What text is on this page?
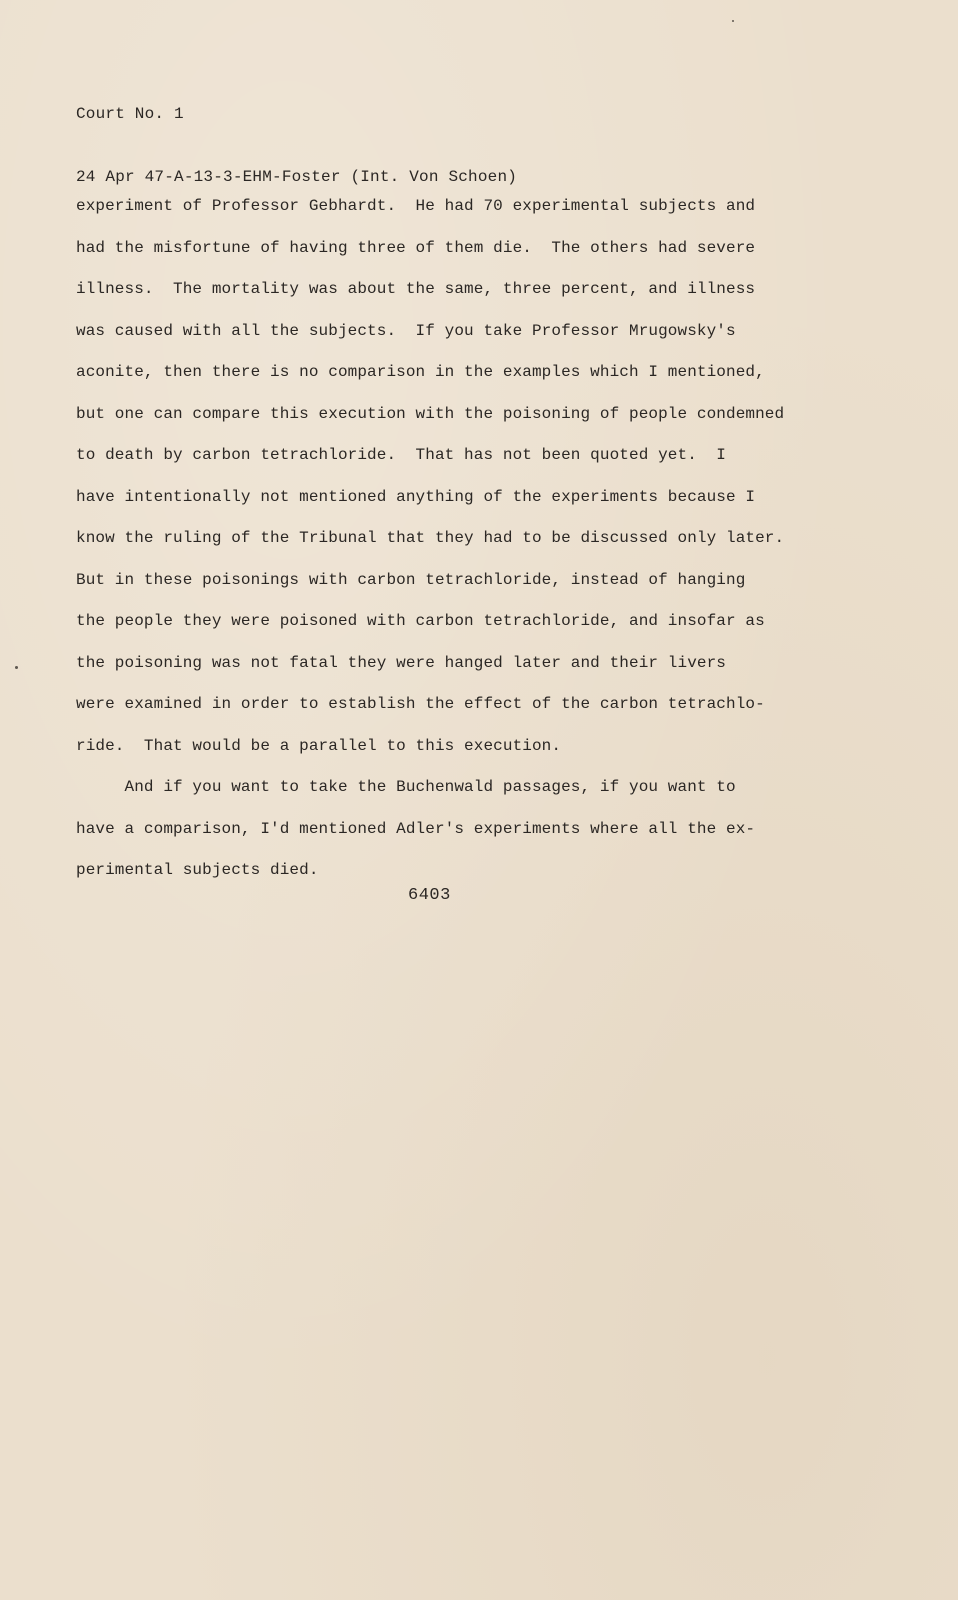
Court No. 1

24 Apr 47-A-13-3-EHM-Foster (Int. Von Schoen)

experiment of Professor Gebhardt.  He had 70 experimental subjects and
had the misfortune of having three of them die.  The others had severe
illness.  The mortality was about the same, three percent, and illness
was caused with all the subjects.  If you take Professor Mrugowsky's
aconite, then there is no comparison in the examples which I mentioned,
but one can compare this execution with the poisoning of people condemned
to death by carbon tetrachloride.  That has not been quoted yet.  I
have intentionally not mentioned anything of the experiments because I
know the ruling of the Tribunal that they had to be discussed only later.
But in these poisonings with carbon tetrachloride, instead of hanging
the people they were poisoned with carbon tetrachloride, and insofar as
the poisoning was not fatal they were hanged later and their livers
were examined in order to establish the effect of the carbon tetrachlo-
ride.  That would be a parallel to this execution.
And if you want to take the Buchenwald passages, if you want to
have a comparison, I'd mentioned Adler's experiments where all the ex-
perimental subjects died.
6403
